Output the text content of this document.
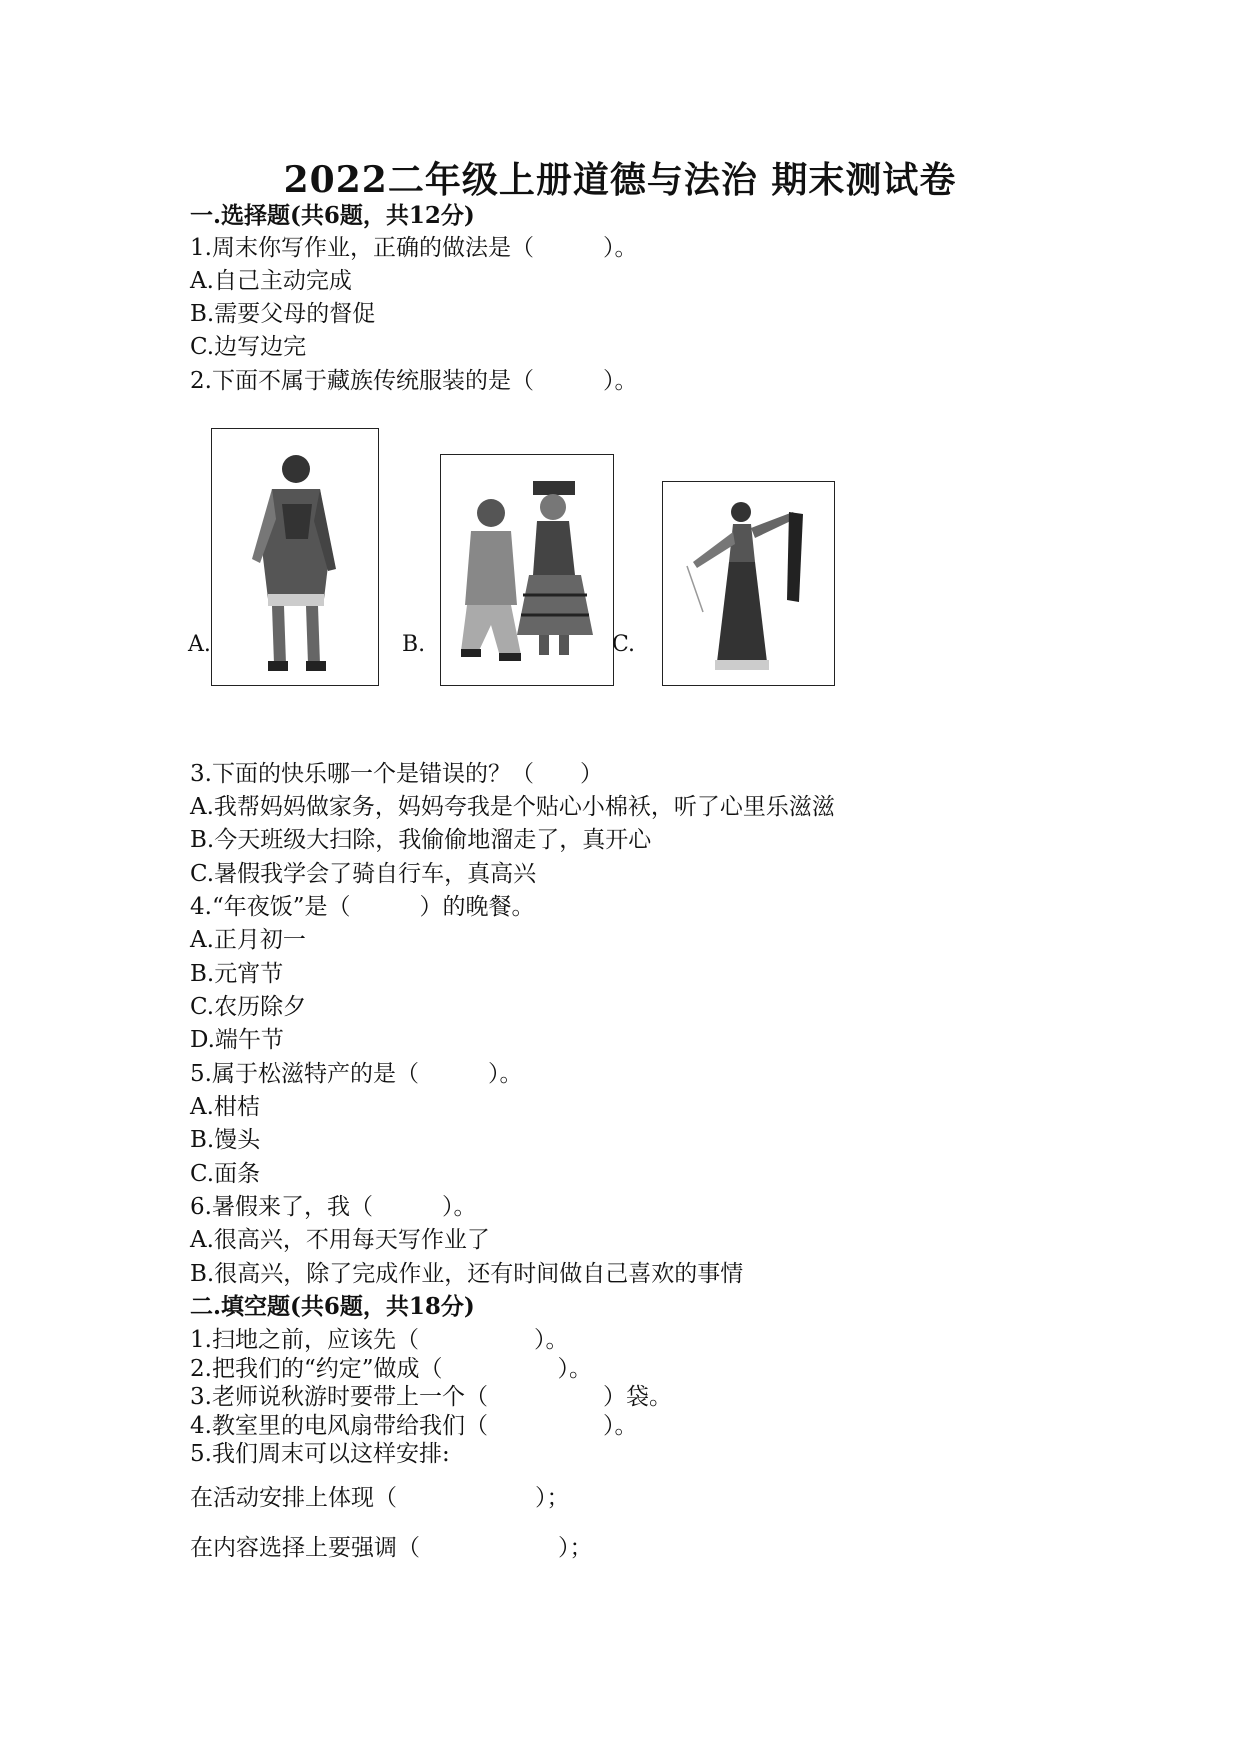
2022二年级上册道德与法治 期末测试卷
一.选择题(共6题，共12分)
1.周末你写作业，正确的做法是（　　　）。
A.自己主动完成
B.需要父母的督促
C.边写边完
2.下面不属于藏族传统服装的是（　　　）。
A.	B.	C.
3.下面的快乐哪一个是错误的？（　　）
A.我帮妈妈做家务，妈妈夸我是个贴心小棉袄，听了心里乐滋滋
B.今天班级大扫除，我偷偷地溜走了，真开心
C.暑假我学会了骑自行车，真高兴
4.“年夜饭”是（　　　）的晚餐。
A.正月初一
B.元宵节
C.农历除夕
D.端午节
5.属于松滋特产的是（　　　）。
A.柑桔
B.馒头
C.面条
6.暑假来了，我（　　　）。
A.很高兴，不用每天写作业了
B.很高兴，除了完成作业，还有时间做自己喜欢的事情
二.填空题(共6题，共18分)
1.扫地之前，应该先（　　　　　）。
2.把我们的“约定”做成（　　　　　）。
3.老师说秋游时要带上一个（　　　　　）袋。
4.教室里的电风扇带给我们（　　　　　）。
5.我们周末可以这样安排:
在活动安排上体现（　　　　　　）；
在内容选择上要强调（　　　　　　）；
